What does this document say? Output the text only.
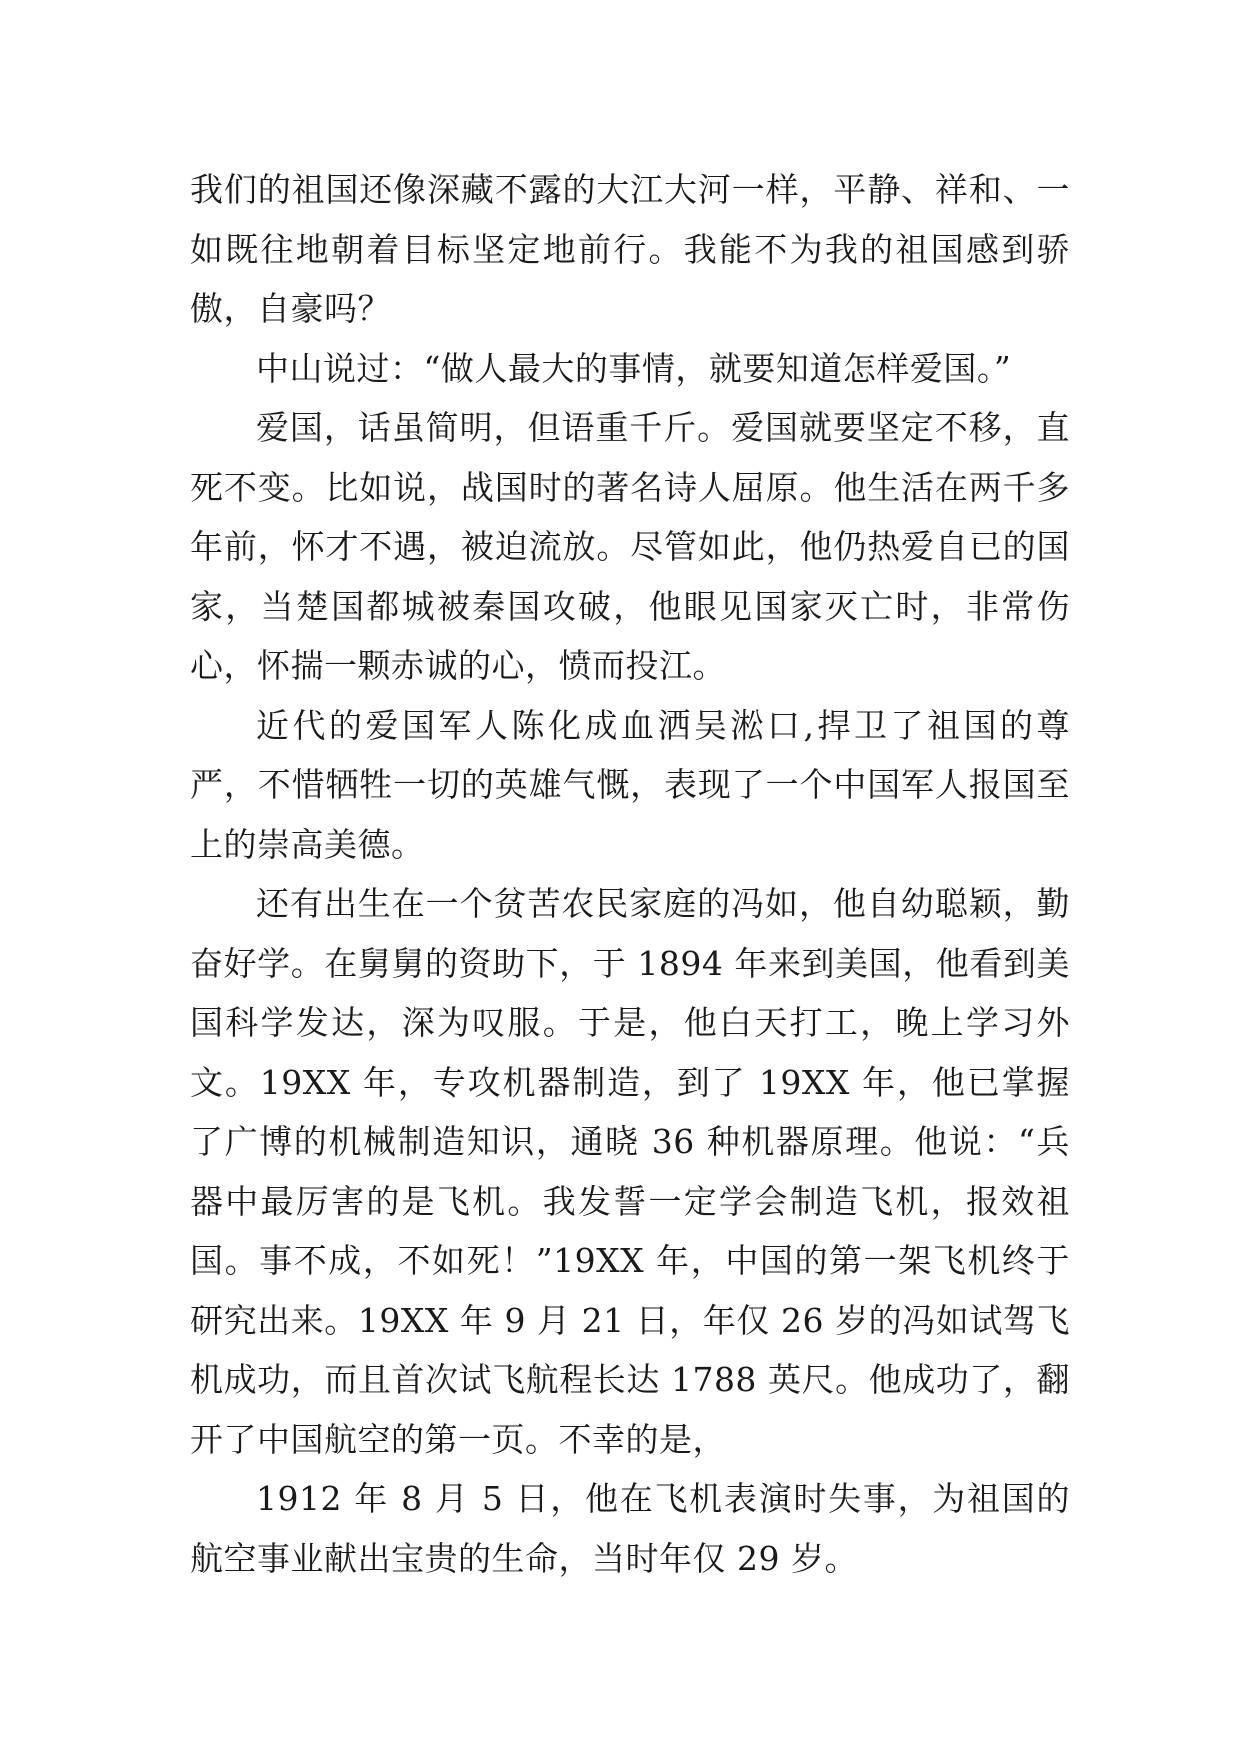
我们的祖国还像深藏不露的大江大河一样，平静、祥和、一如既往地朝着目标坚定地前行。我能不为我的祖国感到骄傲，自豪吗？

中山说过：“做人最大的事情，就要知道怎样爱国。”

爱国，话虽简明，但语重千斤。爱国就要坚定不移，直死不变。比如说，战国时的著名诗人屈原。他生活在两千多年前，怀才不遇，被迫流放。尽管如此，他仍热爱自已的国家，当楚国都城被秦国攻破，他眼见国家灭亡时，非常伤心，怀揣一颗赤诚的心，愤而投江。

近代的爱国军人陈化成血洒吴淞口,捍卫了祖国的尊严，不惜牺牲一切的英雄气慨，表现了一个中国军人报国至上的崇高美德。

还有出生在一个贫苦农民家庭的冯如，他自幼聪颖，勤奋好学。在舅舅的资助下，于 1894 年来到美国，他看到美国科学发达，深为叹服。于是，他白天打工，晚上学习外文。19XX 年，专攻机器制造，到了 19XX 年，他已掌握了广博的机械制造知识，通晓 36 种机器原理。他说：“兵器中最厉害的是飞机。我发誓一定学会制造飞机，报效祖国。事不成，不如死！”19XX 年，中国的第一架飞机终于研究出来。19XX 年 9 月 21 日，年仅 26 岁的冯如试驾飞机成功，而且首次试飞航程长达 1788 英尺。他成功了，翻开了中国航空的第一页。不幸的是，

1912 年 8 月 5 日，他在飞机表演时失事，为祖国的航空事业献出宝贵的生命，当时年仅 29 岁。
